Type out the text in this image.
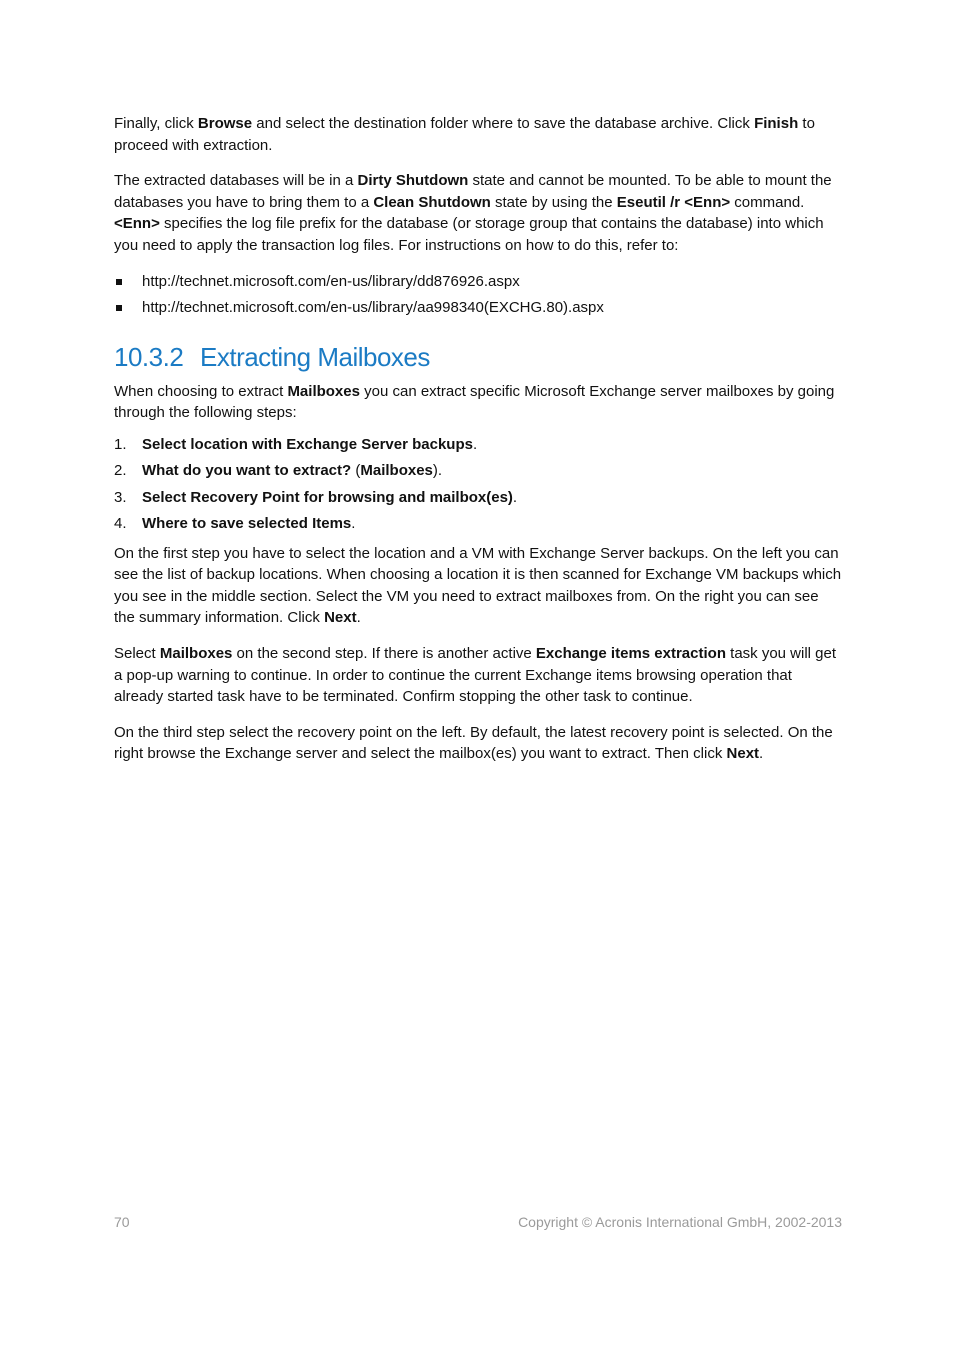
Finally, click Browse and select the destination folder where to save the database archive. Click Finish to proceed with extraction.

The extracted databases will be in a Dirty Shutdown state and cannot be mounted. To be able to mount the databases you have to bring them to a Clean Shutdown state by using the Eseutil /r <Enn> command. <Enn> specifies the log file prefix for the database (or storage group that contains the database) into which you need to apply the transaction log files. For instructions on how to do this, refer to:

http://technet.microsoft.com/en-us/library/dd876926.aspx
http://technet.microsoft.com/en-us/library/aa998340(EXCHG.80).aspx
10.3.2 Extracting Mailboxes

When choosing to extract Mailboxes you can extract specific Microsoft Exchange server mailboxes by going through the following steps:

1. Select location with Exchange Server backups.
2. What do you want to extract? (Mailboxes).
3. Select Recovery Point for browsing and mailbox(es).
4. Where to save selected Items.

On the first step you have to select the location and a VM with Exchange Server backups. On the left you can see the list of backup locations. When choosing a location it is then scanned for Exchange VM backups which you see in the middle section. Select the VM you need to extract mailboxes from. On the right you can see the summary information. Click Next.

Select Mailboxes on the second step. If there is another active Exchange items extraction task you will get a pop-up warning to continue. In order to continue the current Exchange items browsing operation that already started task have to be terminated. Confirm stopping the other task to continue.

On the third step select the recovery point on the left. By default, the latest recovery point is selected. On the right browse the Exchange server and select the mailbox(es) you want to extract. Then click Next.

70	Copyright © Acronis International GmbH, 2002-2013
